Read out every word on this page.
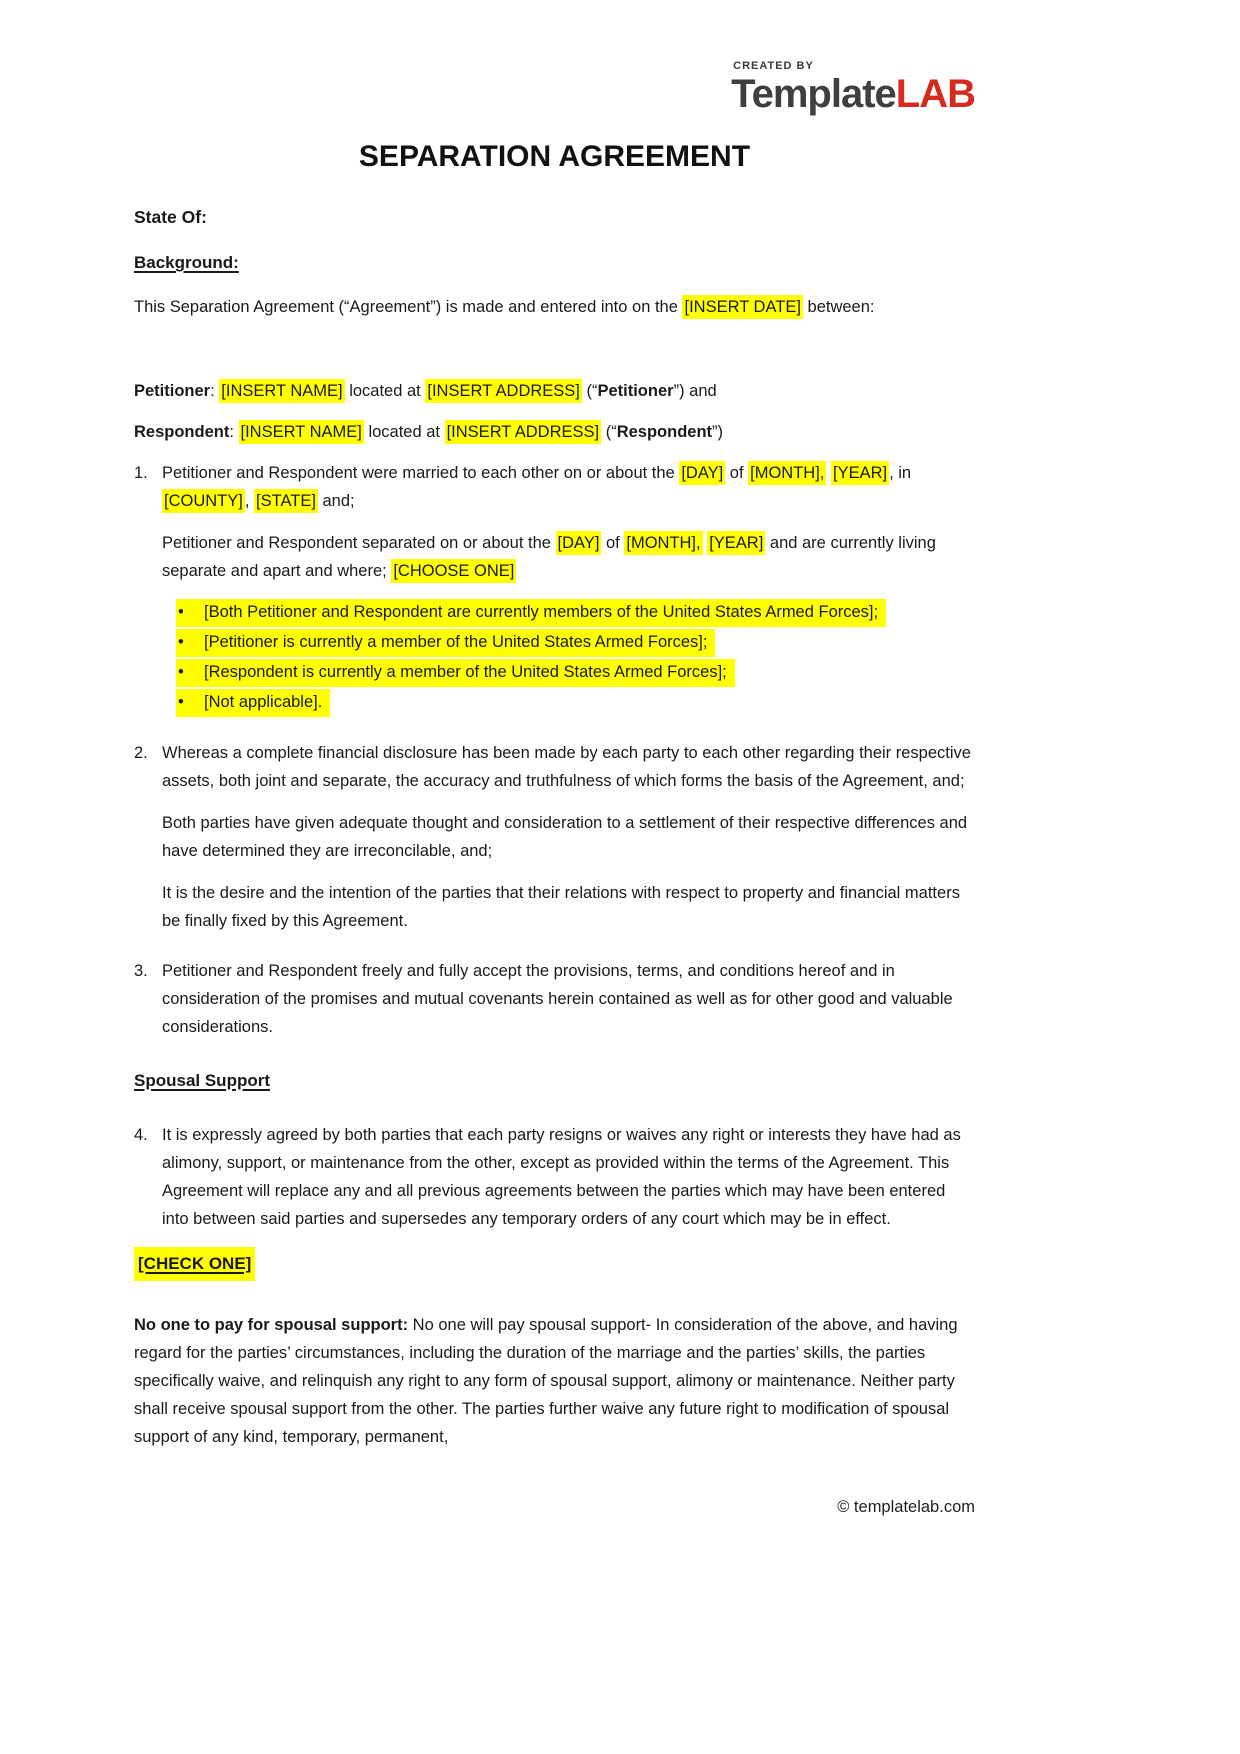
CREATED BY
TemplateLAB
SEPARATION AGREEMENT

State Of:

Background:

This Separation Agreement (“Agreement”) is made and entered into on the [INSERT DATE] between:

Petitioner: [INSERT NAME] located at [INSERT ADDRESS] (“Petitioner”) and

Respondent: [INSERT NAME] located at [INSERT ADDRESS] (“Respondent”)

1. Petitioner and Respondent were married to each other on or about the [DAY] of [MONTH], [YEAR] , in [COUNTY] , [STATE] and;

Petitioner and Respondent separated on or about the [DAY] of [MONTH], [YEAR] and are currently living separate and apart and where; [CHOOSE ONE]

• [Both Petitioner and Respondent are currently members of the United States Armed Forces];
• [Petitioner is currently a member of the United States Armed Forces];
• [Respondent is currently a member of the United States Armed Forces];
• [Not applicable].
2. Whereas a complete financial disclosure has been made by each party to each other regarding their respective assets, both joint and separate, the accuracy and truthfulness of which forms the basis of the Agreement, and;

Both parties have given adequate thought and consideration to a settlement of their respective differences and have determined they are irreconcilable, and;

It is the desire and the intention of the parties that their relations with respect to property and financial matters be finally fixed by this Agreement.

3. Petitioner and Respondent freely and fully accept the provisions, terms, and conditions hereof and in consideration of the promises and mutual covenants herein contained as well as for other good and valuable considerations.

Spousal Support

4. It is expressly agreed by both parties that each party resigns or waives any right or interests they have had as alimony, support, or maintenance from the other, except as provided within the terms of the Agreement. This Agreement will replace any and all previous agreements between the parties which may have been entered into between said parties and supersedes any temporary orders of any court which may be in effect.

[CHECK ONE]

No one to pay for spousal support: No one will pay spousal support- In consideration of the above, and having regard for the parties’ circumstances, including the duration of the marriage and the parties’ skills, the parties specifically waive, and relinquish any right to any form of spousal support, alimony or maintenance. Neither party shall receive spousal support from the other. The parties further waive any future right to modification of spousal support of any kind, temporary, permanent,

© templatelab.com
